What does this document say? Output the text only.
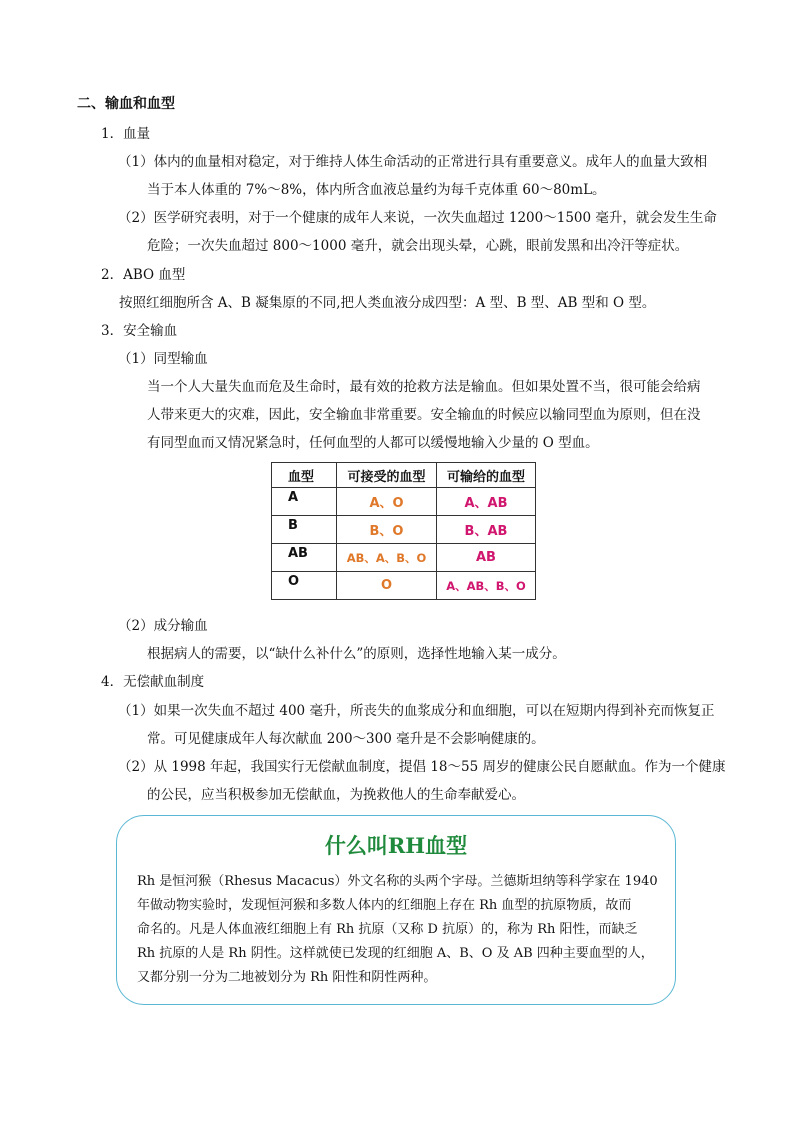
二、输血和血型
1．血量
（1）体内的血量相对稳定，对于维持人体生命活动的正常进行具有重要意义。成年人的血量大致相
当于本人体重的 7%～8%，体内所含血液总量约为每千克体重 60～80mL。
（2）医学研究表明，对于一个健康的成年人来说，一次失血超过 1200～1500 毫升，就会发生生命
危险；一次失血超过 800～1000 毫升，就会出现头晕，心跳，眼前发黑和出冷汗等症状。
2．ABO 血型
按照红细胞所含 A、B 凝集原的不同,把人类血液分成四型：A 型、B 型、AB 型和 O 型。
3．安全输血
（1）同型输血
当一个人大量失血而危及生命时，最有效的抢救方法是输血。但如果处置不当，很可能会给病
人带来更大的灾难，因此，安全输血非常重要。安全输血的时候应以输同型血为原则，但在没
有同型血而又情况紧急时，任何血型的人都可以缓慢地输入少量的 O 型血。
血型	可接受的血型	可输给的血型
A	A、O	A、AB
B	B、O	B、AB
AB	AB、A、B、O	AB
O	O	A、AB、B、O
（2）成分输血
根据病人的需要，以“缺什么补什么”的原则，选择性地输入某一成分。
4．无偿献血制度
（1）如果一次失血不超过 400 毫升，所丧失的血浆成分和血细胞，可以在短期内得到补充而恢复正
常。可见健康成年人每次献血 200～300 毫升是不会影响健康的。
（2）从 1998 年起，我国实行无偿献血制度，提倡 18～55 周岁的健康公民自愿献血。作为一个健康
的公民，应当积极参加无偿献血，为挽救他人的生命奉献爱心。
什么叫RH血型
Rh 是恒河猴（Rhesus Macacus）外文名称的头两个字母。兰德斯坦纳等科学家在 1940
年做动物实验时，发现恒河猴和多数人体内的红细胞上存在 Rh 血型的抗原物质，故而
命名的。凡是人体血液红细胞上有 Rh 抗原（又称 D 抗原）的，称为 Rh 阳性，而缺乏
Rh 抗原的人是 Rh 阴性。这样就使已发现的红细胞 A、B、O 及 AB 四种主要血型的人，
又都分别一分为二地被划分为 Rh 阳性和阴性两种。
